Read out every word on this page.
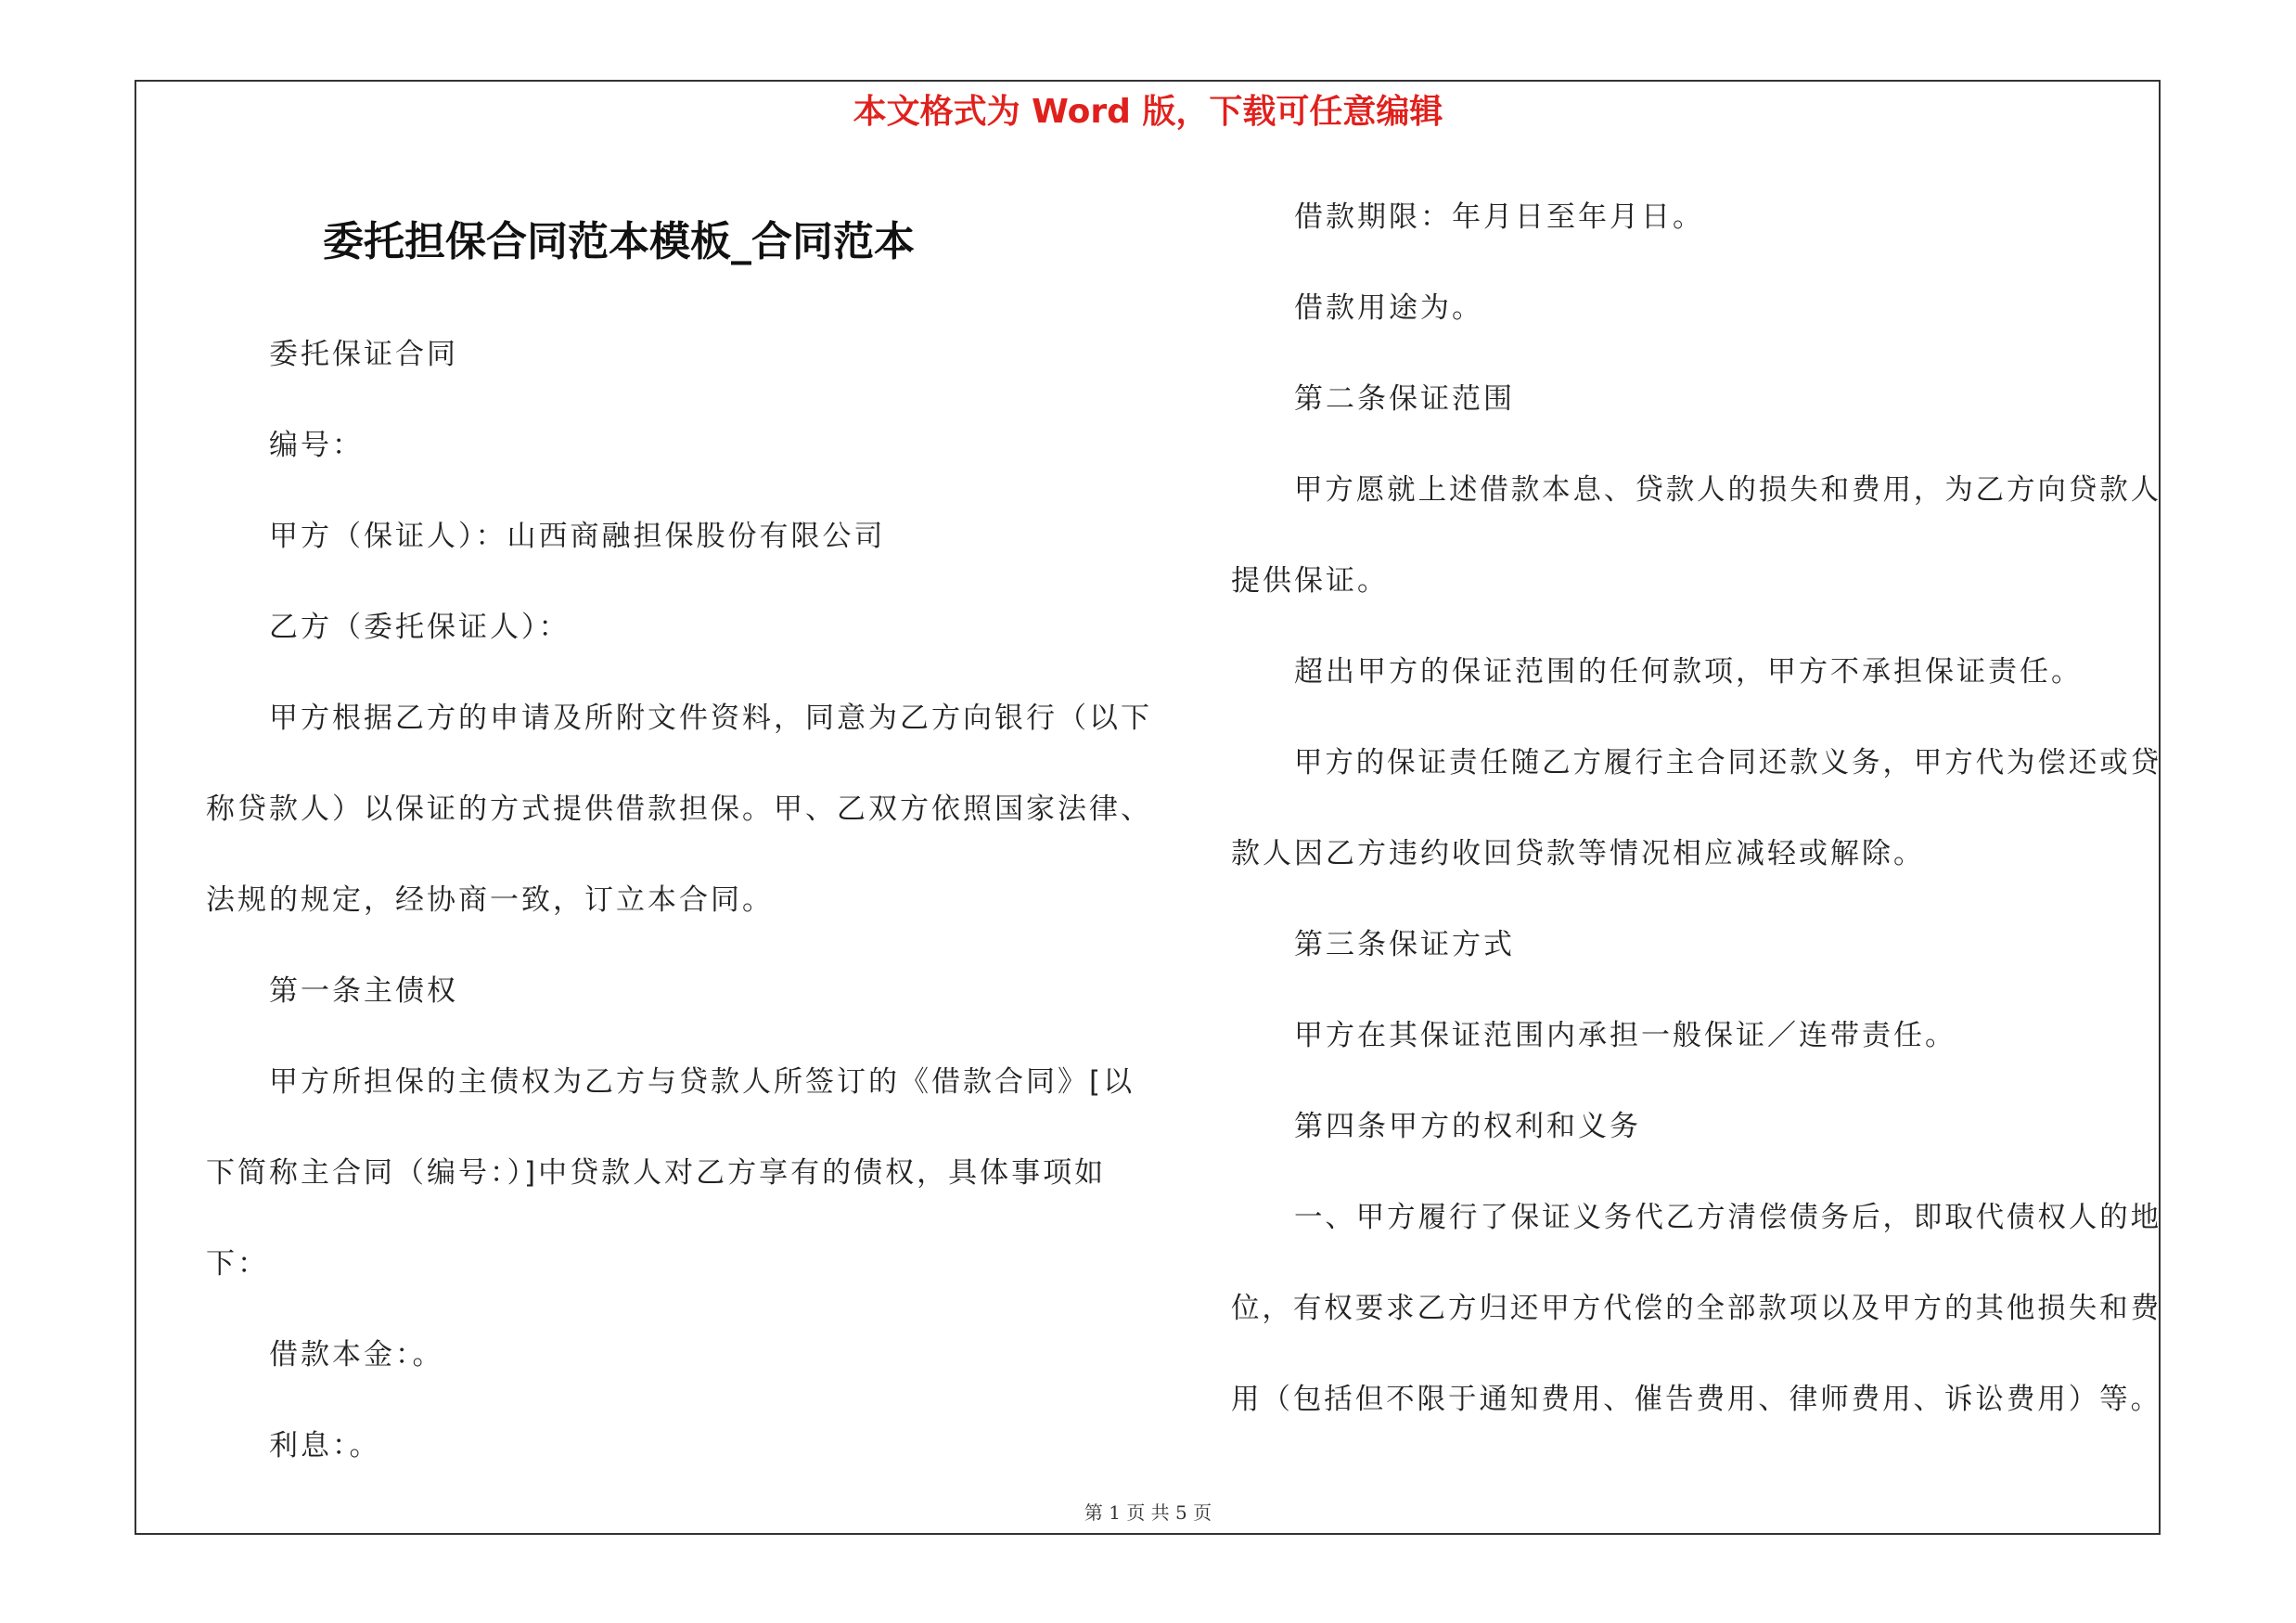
本文格式为 Word 版，下载可任意编辑
委托担保合同范本模板_合同范本
委托保证合同
编号：
甲方（保证人）：山西商融担保股份有限公司
乙方（委托保证人）：
甲方根据乙方的申请及所附文件资料，同意为乙方向银行（以下
称贷款人）以保证的方式提供借款担保。甲、乙双方依照国家法律、
法规的规定，经协商一致，订立本合同。
第一条主债权
甲方所担保的主债权为乙方与贷款人所签订的《借款合同》[以
下简称主合同（编号：）]中贷款人对乙方享有的债权，具体事项如
下：
借款本金：。
利息：。
借款期限：年月日至年月日。
借款用途为。
第二条保证范围
甲方愿就上述借款本息、贷款人的损失和费用，为乙方向贷款人
提供保证。
超出甲方的保证范围的任何款项，甲方不承担保证责任。
甲方的保证责任随乙方履行主合同还款义务，甲方代为偿还或贷
款人因乙方违约收回贷款等情况相应减轻或解除。
第三条保证方式
甲方在其保证范围内承担一般保证／连带责任。
第四条甲方的权利和义务
一、甲方履行了保证义务代乙方清偿债务后，即取代债权人的地
位，有权要求乙方归还甲方代偿的全部款项以及甲方的其他损失和费
用（包括但不限于通知费用、催告费用、律师费用、诉讼费用）等。
第 1 页 共 5 页
